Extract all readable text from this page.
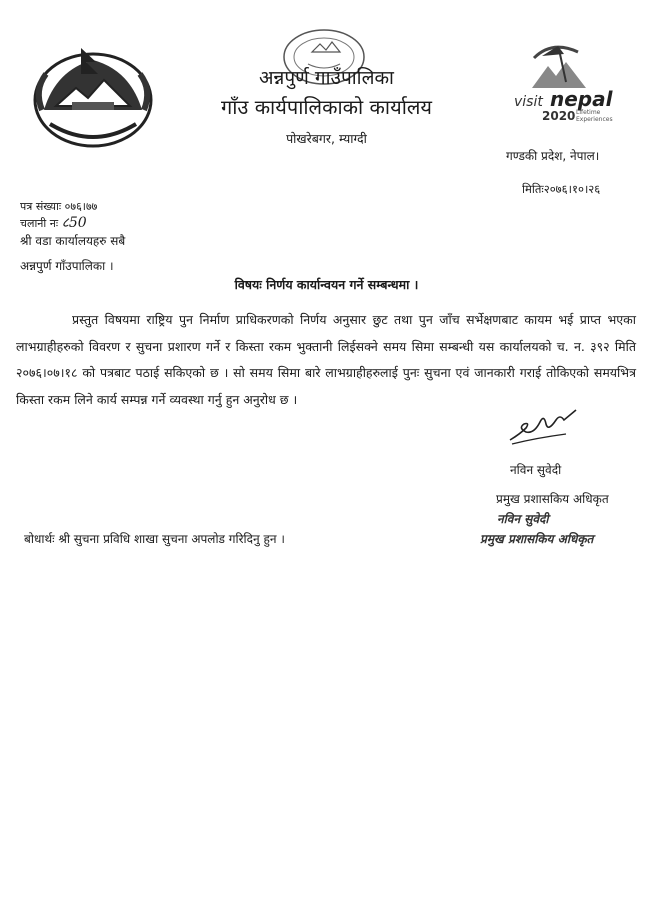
visit nepal
2020 Lifetime
Experiences
अन्नपुर्ण गाउँपालिका
गाँउ कार्यपालिकाको कार्यालय
पोखरेबगर, म्याग्दी
गण्डकी प्रदेश, नेपाल।
मितिः२०७६।१०।२६
पत्र संख्याः ०७६।७७
चलानी नः ८50
श्री वडा कार्यालयहरु सबै
अन्नपुर्ण गाँउपालिका ।
विषयः निर्णय कार्यान्वयन गर्ने सम्बन्धमा ।

प्रस्तुत विषयमा राष्ट्रिय पुन निर्माण प्राधिकरणको निर्णय अनुसार छुट तथा पुन जाँच सर्भेक्षणबाट कायम भई प्राप्त भएका लाभग्राहीहरुको विवरण र सुचना प्रशारण गर्ने र किस्ता रकम भुक्तानी लिईसक्ने समय सिमा सम्बन्धी यस कार्यालयको च. न. ३९२ मिति २०७६।०७।१८ को पत्रबाट पठाई सकिएको छ । सो समय सिमा बारे लाभग्राहीहरुलाई पुनः सुचना एवं जानकारी गराई तोकिएको समयभित्र किस्ता रकम लिने कार्य सम्पन्न गर्ने व्यवस्था गर्नु हुन अनुरोध छ ।

नविन सुवेदी
प्रमुख प्रशासकिय अधिकृत
नविन सुवेदी
प्रमुख प्रशासकिय अधिकृत
बोधार्थः श्री सुचना प्रविधि शाखा सुचना अपलोड गरिदिनु हुन ।
